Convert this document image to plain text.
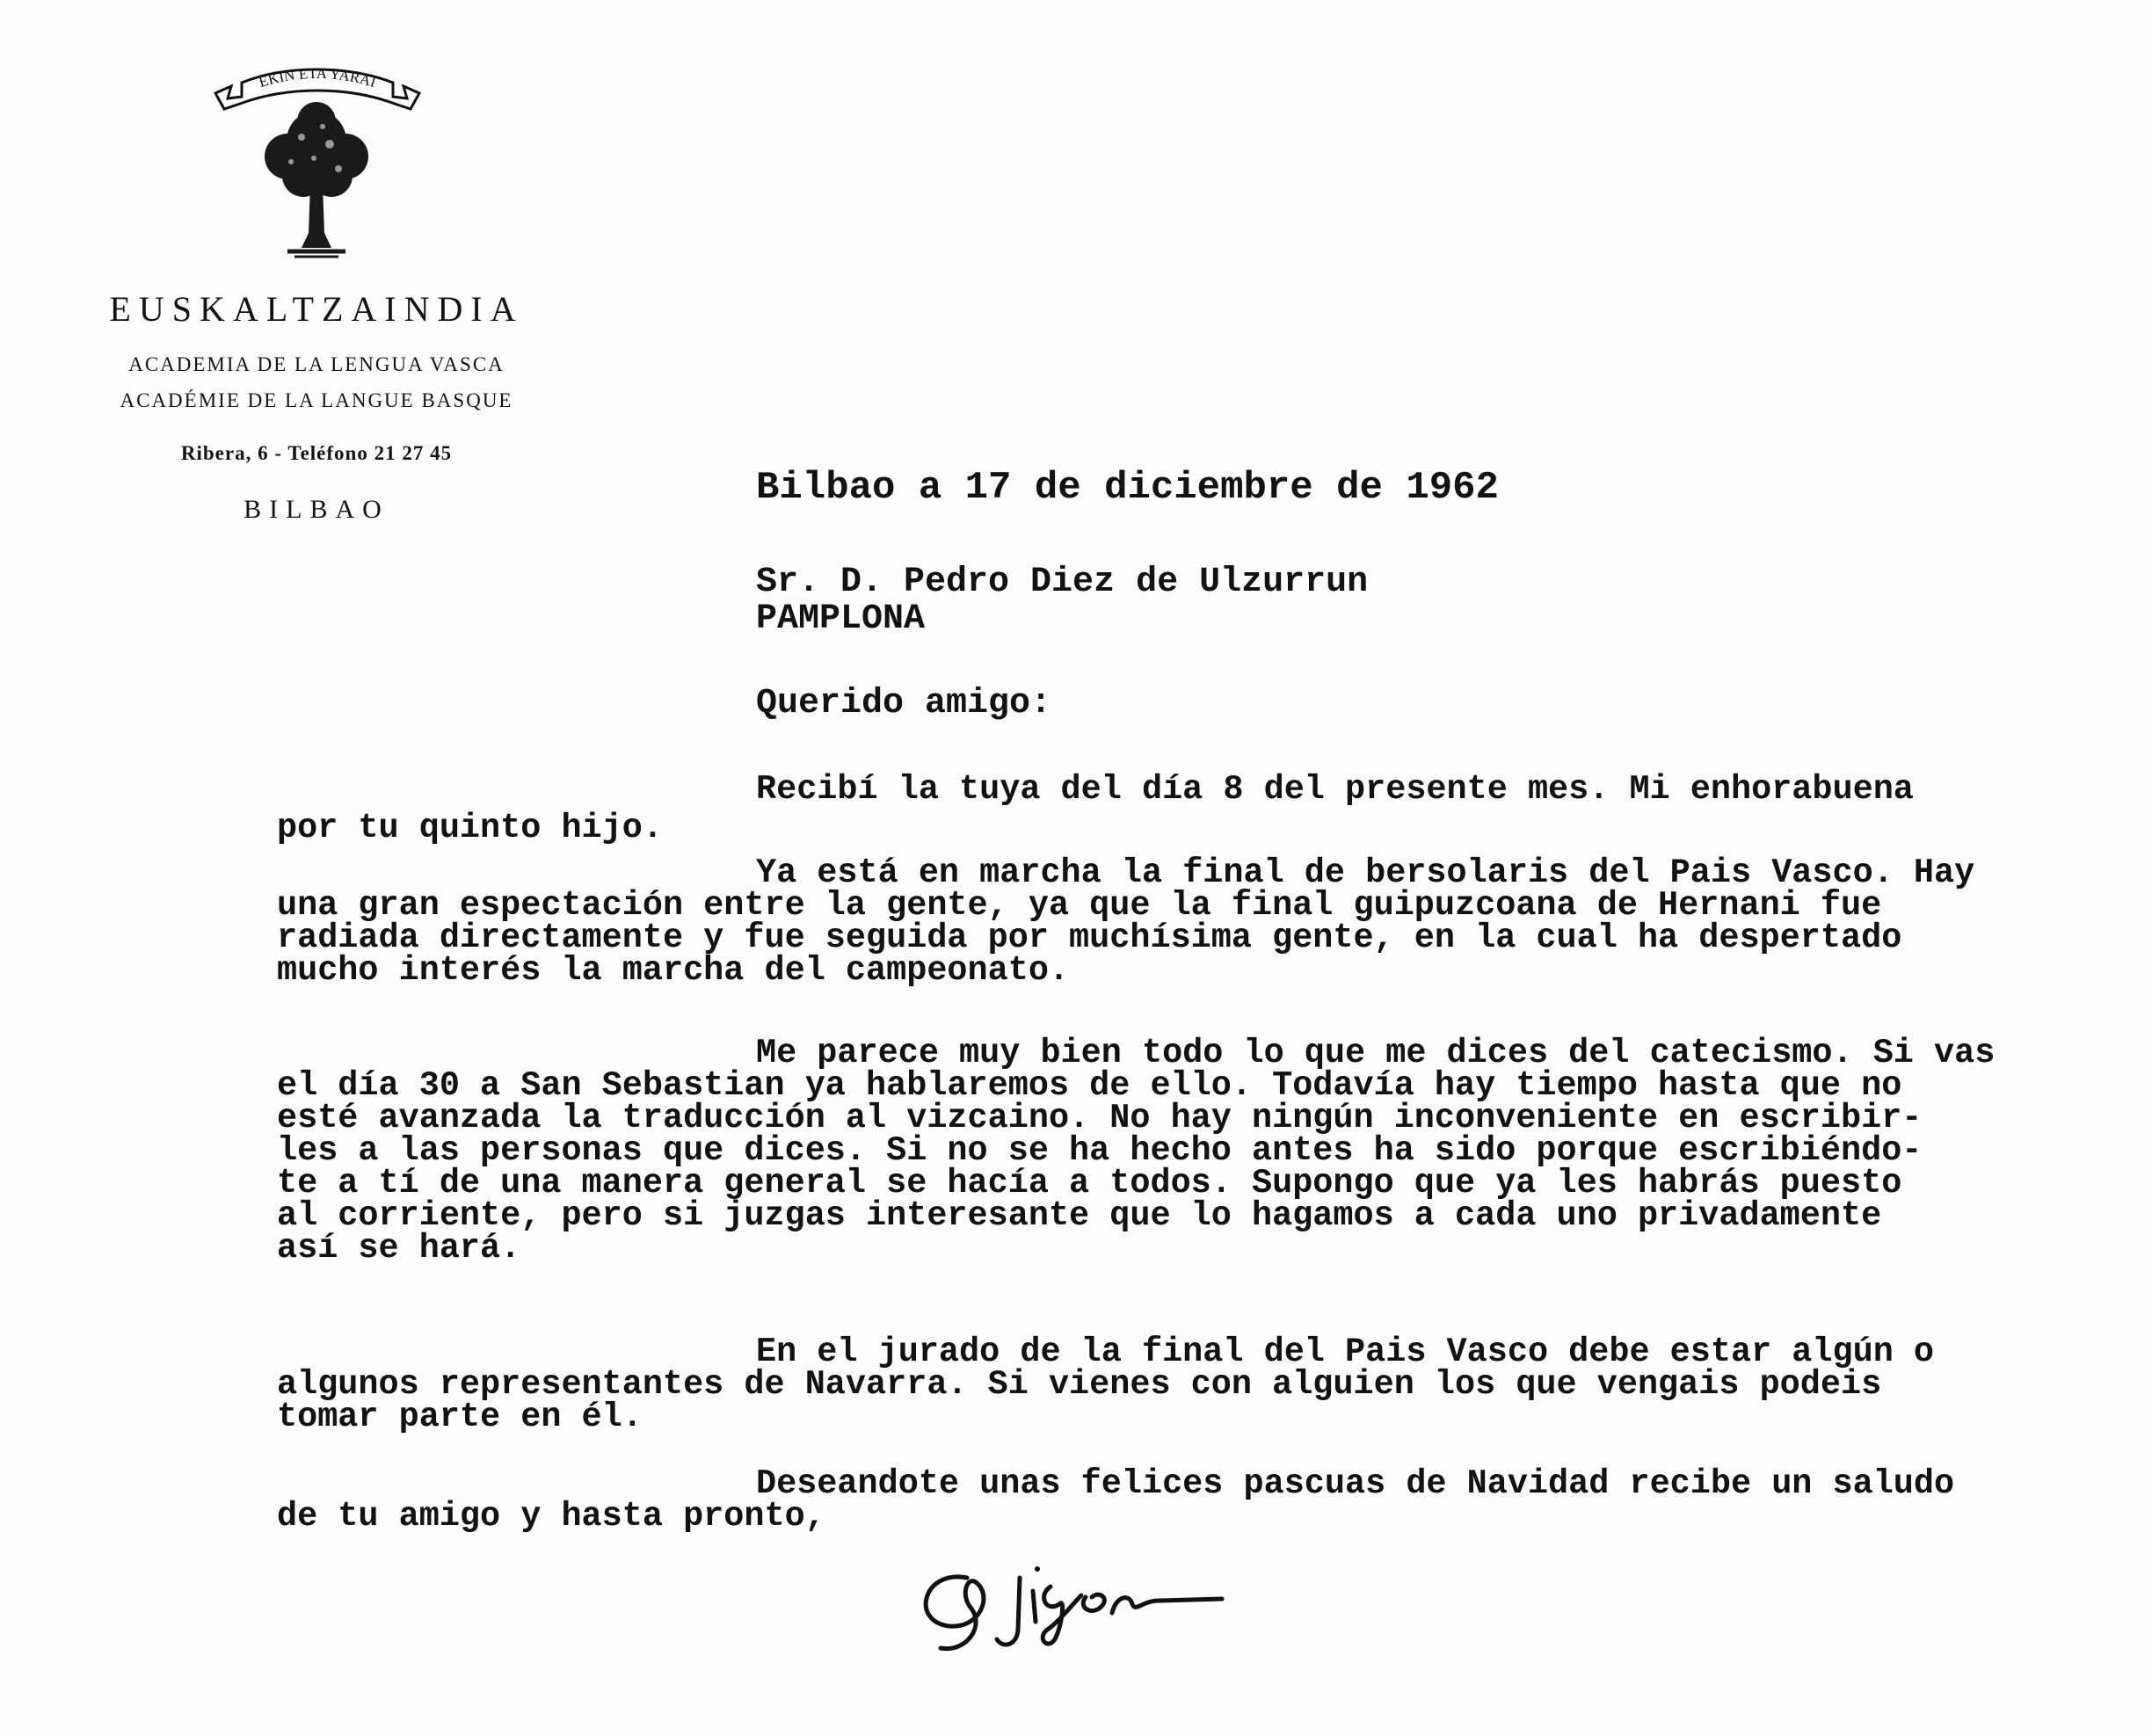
EKIN ETA YARAI
EUSKALTZAINDIA
ACADEMIA DE LA LENGUA VASCA
ACADÉMIE DE LA LANGUE BASQUE
Ribera, 6 - Teléfono 21 27 45
BILBAO
 	Bilbao a 17 de diciembre de 1962
Sr. D. Pedro Diez de Ulzurrun
PAMPLONA
Querido amigo:
Recibí la tuya del día 8 del presente mes. Mi enhorabuena
por tu quinto hijo.
Ya está en marcha la final de bersolaris del Pais Vasco. Hay
una gran espectación entre la gente, ya que la final guipuzcoana de Hernani fue
radiada directamente y fue seguida por muchísima gente, en la cual ha despertado
mucho interés la marcha del campeonato.
Me parece muy bien todo lo que me dices del catecismo. Si vas
el día 30 a San Sebastian ya hablaremos de ello. Todavía hay tiempo hasta que no
esté avanzada la traducción al vizcaino. No hay ningún inconveniente en escribir-
les a las personas que dices. Si no se ha hecho antes ha sido porque escribiéndo-
te a tí de una manera general se hacía a todos. Supongo que ya les habrás puesto
al corriente, pero si juzgas interesante que lo hagamos a cada uno privadamente
así se hará.
En el jurado de la final del Pais Vasco debe estar algún o
algunos representantes de Navarra. Si vienes con alguien los que vengais podeis
tomar parte en él.
Deseandote unas felices pascuas de Navidad recibe un saludo
de tu amigo y hasta pronto,
